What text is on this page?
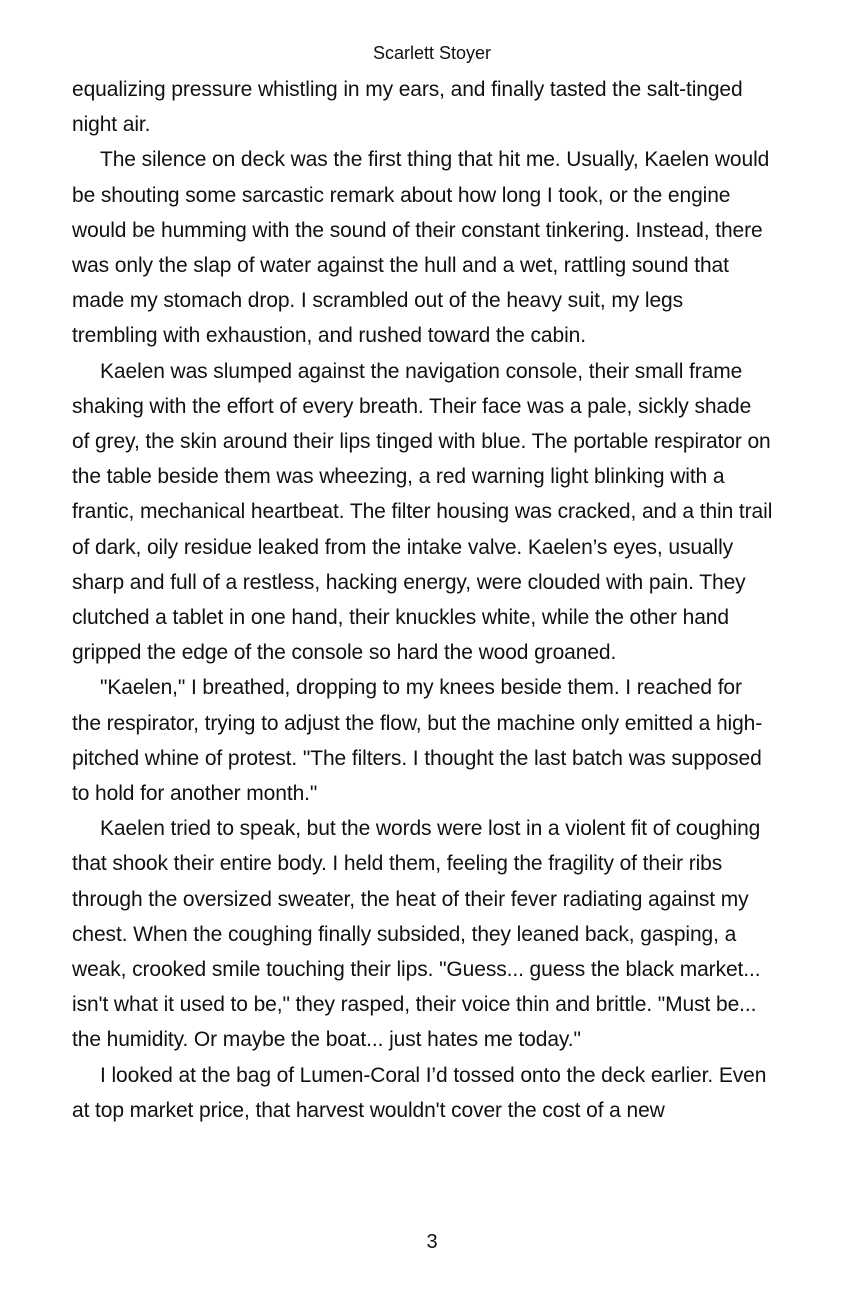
Scarlett Stoyer

equalizing pressure whistling in my ears, and finally tasted the salt-tinged night air.

The silence on deck was the first thing that hit me. Usually, Kaelen would be shouting some sarcastic remark about how long I took, or the engine would be humming with the sound of their constant tinkering. Instead, there was only the slap of water against the hull and a wet, rattling sound that made my stomach drop. I scrambled out of the heavy suit, my legs trembling with exhaustion, and rushed toward the cabin.

Kaelen was slumped against the navigation console, their small frame shaking with the effort of every breath. Their face was a pale, sickly shade of grey, the skin around their lips tinged with blue. The portable respirator on the table beside them was wheezing, a red warning light blinking with a frantic, mechanical heartbeat. The filter housing was cracked, and a thin trail of dark, oily residue leaked from the intake valve. Kaelen’s eyes, usually sharp and full of a restless, hacking energy, were clouded with pain. They clutched a tablet in one hand, their knuckles white, while the other hand gripped the edge of the console so hard the wood groaned.

"Kaelen," I breathed, dropping to my knees beside them. I reached for the respirator, trying to adjust the flow, but the machine only emitted a high-pitched whine of protest. "The filters. I thought the last batch was supposed to hold for another month."

Kaelen tried to speak, but the words were lost in a violent fit of coughing that shook their entire body. I held them, feeling the fragility of their ribs through the oversized sweater, the heat of their fever radiating against my chest. When the coughing finally subsided, they leaned back, gasping, a weak, crooked smile touching their lips. "Guess... guess the black market... isn't what it used to be," they rasped, their voice thin and brittle. "Must be... the humidity. Or maybe the boat... just hates me today."

I looked at the bag of Lumen-Coral I’d tossed onto the deck earlier. Even at top market price, that harvest wouldn't cover the cost of a new

3
